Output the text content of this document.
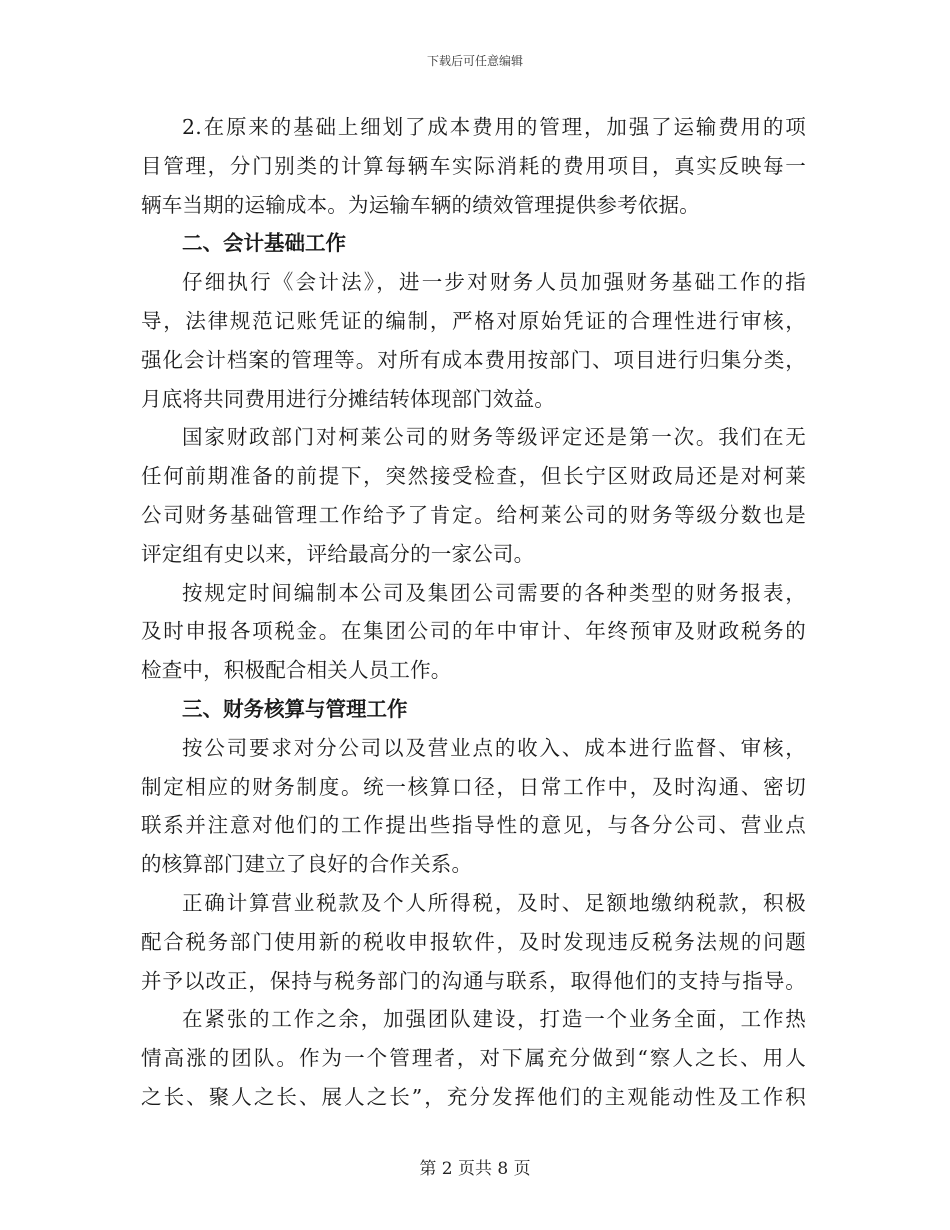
下载后可任意编辑
2.在原来的基础上细划了成本费用的管理，加强了运输费用的项
目管理，分门别类的计算每辆车实际消耗的费用项目，真实反映每一
辆车当期的运输成本。为运输车辆的绩效管理提供参考依据。
二、会计基础工作
仔细执行《会计法》，进一步对财务人员加强财务基础工作的指
导，法律规范记账凭证的编制，严格对原始凭证的合理性进行审核，
强化会计档案的管理等。对所有成本费用按部门、项目进行归集分类，
月底将共同费用进行分摊结转体现部门效益。
国家财政部门对柯莱公司的财务等级评定还是第一次。我们在无
任何前期准备的前提下，突然接受检查，但长宁区财政局还是对柯莱
公司财务基础管理工作给予了肯定。给柯莱公司的财务等级分数也是
评定组有史以来，评给最高分的一家公司。
按规定时间编制本公司及集团公司需要的各种类型的财务报表，
及时申报各项税金。在集团公司的年中审计、年终预审及财政税务的
检查中，积极配合相关人员工作。
三、财务核算与管理工作
按公司要求对分公司以及营业点的收入、成本进行监督、审核，
制定相应的财务制度。统一核算口径，日常工作中，及时沟通、密切
联系并注意对他们的工作提出些指导性的意见，与各分公司、营业点
的核算部门建立了良好的合作关系。
正确计算营业税款及个人所得税，及时、足额地缴纳税款，积极
配合税务部门使用新的税收申报软件，及时发现违反税务法规的问题
并予以改正，保持与税务部门的沟通与联系，取得他们的支持与指导。
在紧张的工作之余，加强团队建设，打造一个业务全面，工作热
情高涨的团队。作为一个管理者，对下属充分做到“察人之长、用人
之长、聚人之长、展人之长”，充分发挥他们的主观能动性及工作积
第 2 页共 8 页
